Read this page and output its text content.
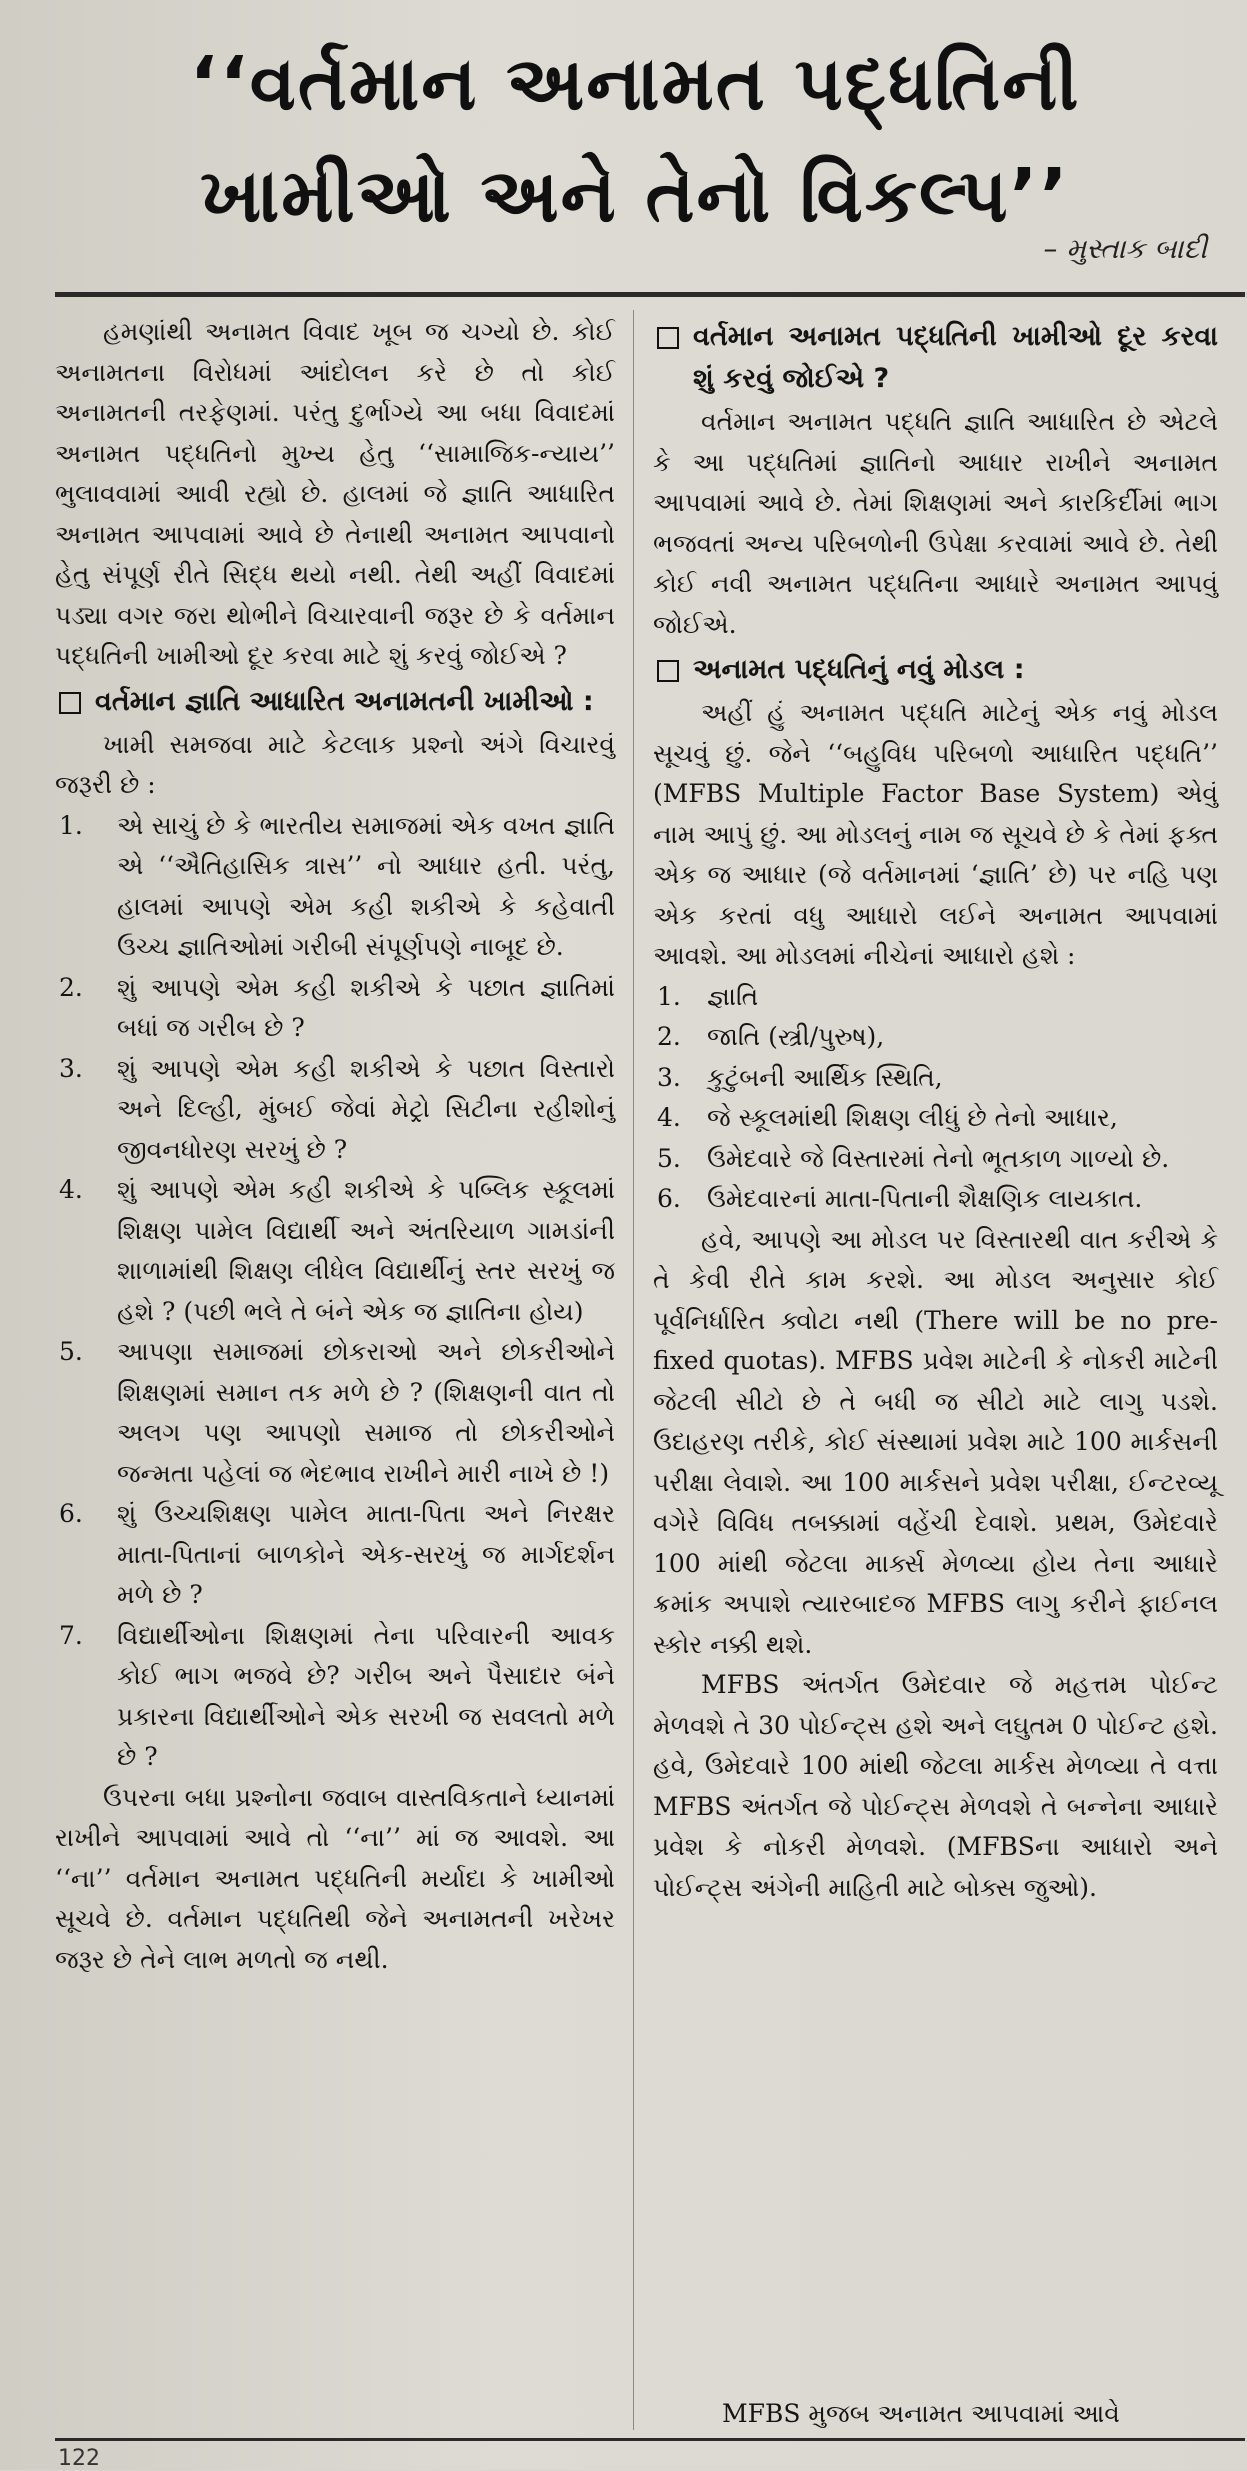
‘‘વર્તમાન અનામત પદ્ધતિની
ખામીઓ અને તેનો વિકલ્પ’’
– મુસ્તાક બાદી

હમણાંથી અનામત વિવાદ ખૂબ જ ચગ્યો છે. કોઈ અનામતના વિરોધમાં આંદોલન કરે છે તો કોઈ અનામતની તરફેણમાં. પરંતુ દુર્ભાગ્યે આ બધા વિવાદમાં અનામત પદ્ધતિનો મુખ્ય હેતુ ‘‘સામાજિક-ન્યાય’’ ભુલાવવામાં આવી રહ્યો છે. હાલમાં જે જ્ઞાતિ આધારિત અનામત આપવામાં આવે છે તેનાથી અનામત આપવાનો હેતુ સંપૂર્ણ રીતે સિદ્ધ થયો નથી. તેથી અહીં વિવાદમાં પડ્યા વગર જરા થોભીને વિચારવાની જરૂર છે કે વર્તમાન પદ્ધતિની ખામીઓ દૂર કરવા માટે શું કરવું જોઈએ ?

વર્તમાન જ્ઞાતિ આધારિત અનામતની ખામીઓ :

ખામી સમજવા માટે કેટલાક પ્રશ્નો અંગે વિચારવું જરૂરી છે :

1.	એ સાચું છે કે ભારતીય સમાજમાં એક વખત જ્ઞાતિ એ ‘‘ઐતિહાસિક ત્રાસ’’ નો આધાર હતી. પરંતુ, હાલમાં આપણે એમ કહી શકીએ કે કહેવાતી ઉચ્ચ જ્ઞાતિઓમાં ગરીબી સંપૂર્ણપણે નાબૂદ છે.
2.	શું આપણે એમ કહી શકીએ કે પછાત જ્ઞાતિમાં બધાં જ ગરીબ છે ?
3.	શું આપણે એમ કહી શકીએ કે પછાત વિસ્તારો અને દિલ્હી, મુંબઈ જેવાં મેટ્રો સિટીના રહીશોનું જીવનધોરણ સરખું છે ?
4.	શું આપણે એમ કહી શકીએ કે પબ્લિક સ્કૂલમાં શિક્ષણ પામેલ વિદ્યાર્થી અને અંતરિયાળ ગામડાંની શાળામાંથી શિક્ષણ લીધેલ વિદ્યાર્થીનું સ્તર સરખું જ હશે ? (પછી ભલે તે બંને એક જ જ્ઞાતિના હોય)
5.	આપણા સમાજમાં છોકરાઓ અને છોકરીઓને શિક્ષણમાં સમાન તક મળે છે ? (શિક્ષણની વાત તો અલગ પણ આપણો સમાજ તો છોકરીઓને જન્મતા પહેલાં જ ભેદભાવ રાખીને મારી નાખે છે !)
6.	શું ઉચ્ચશિક્ષણ પામેલ માતા-પિતા અને નિરક્ષર માતા-પિતાનાં બાળકોને એક-સરખું જ માર્ગદર્શન મળે છે ?
7.	વિદ્યાર્થીઓના શિક્ષણમાં તેના પરિવારની આવક કોઈ ભાગ ભજવે છે? ગરીબ અને પૈસાદાર બંને પ્રકારના વિદ્યાર્થીઓને એક સરખી જ સવલતો મળે છે ?

ઉપરના બધા પ્રશ્નોના જવાબ વાસ્તવિકતાને ધ્યાનમાં રાખીને આપવામાં આવે તો ‘‘ના’’ માં જ આવશે. આ ‘‘ના’’ વર્તમાન અનામત પદ્ધતિની મર્યાદા કે ખામીઓ સૂચવે છે. વર્તમાન પદ્ધતિથી જેને અનામતની ખરેખર જરૂર છે તેને લાભ મળતો જ નથી.

વર્તમાન અનામત પદ્ધતિની ખામીઓ દૂર કરવા શું કરવું જોઈએ ?

વર્તમાન અનામત પદ્ધતિ જ્ઞાતિ આધારિત છે એટલે કે આ પદ્ધતિમાં જ્ઞાતિનો આધાર રાખીને અનામત આપવામાં આવે છે. તેમાં શિક્ષણમાં અને કારકિર્દીમાં ભાગ ભજવતાં અન્ય પરિબળોની ઉપેક્ષા કરવામાં આવે છે. તેથી કોઈ નવી અનામત પદ્ધતિના આધારે અનામત આપવું જોઈએ.

અનામત પદ્ધતિનું નવું મોડલ :

અહીં હું અનામત પદ્ધતિ માટેનું એક નવું મોડલ સૂચવું છું. જેને ‘‘બહુવિધ પરિબળો આધારિત પદ્ધતિ’’ (MFBS Multiple Factor Base System) એવું નામ આપું છું. આ મોડલનું નામ જ સૂચવે છે કે તેમાં ફક્ત એક જ આધાર (જે વર્તમાનમાં ‘જ્ઞાતિ’ છે) પર નહિ પણ એક કરતાં વધુ આધારો લઈને અનામત આપવામાં આવશે. આ મોડલમાં નીચેનાં આધારો હશે :

1.	જ્ઞાતિ
2.	જાતિ (સ્ત્રી/પુરુષ),
3.	કુટુંબની આર્થિક સ્થિતિ,
4.	જે સ્કૂલમાંથી શિક્ષણ લીધું છે તેનો આધાર,
5.	ઉમેદવારે જે વિસ્તારમાં તેનો ભૂતકાળ ગાળ્યો છે.
6.	ઉમેદવારનાં માતા-પિતાની શૈક્ષણિક લાયકાત.

હવે, આપણે આ મોડલ પર વિસ્તારથી વાત કરીએ કે તે કેવી રીતે કામ કરશે. આ મોડલ અનુસાર કોઈ પૂર્વનિર્ધારિત ક્વોટા નથી (There will be no pre-fixed quotas). MFBS પ્રવેશ માટેની કે નોકરી માટેની જેટલી સીટો છે તે બધી જ સીટો માટે લાગુ પડશે. ઉદાહરણ તરીકે, કોઈ સંસ્થામાં પ્રવેશ માટે 100 માર્કસની પરીક્ષા લેવાશે. આ 100 માર્કસને પ્રવેશ પરીક્ષા, ઈન્ટરવ્યૂ વગેરે વિવિધ તબક્કામાં વહેંચી દેવાશે. પ્રથમ, ઉમેદવારે 100 માંથી જેટલા માર્ક્સ મેળવ્યા હોય તેના આધારે ક્રમાંક અપાશે ત્યારબાદજ MFBS લાગુ કરીને ફાઈનલ સ્કોર નક્કી થશે.

MFBS અંતર્ગત ઉમેદવાર જે મહત્તમ પોઈન્ટ મેળવશે તે 30 પોઈન્ટ્સ હશે અને લઘુતમ 0 પોઈન્ટ હશે. હવે, ઉમેદવારે 100 માંથી જેટલા માર્કસ મેળવ્યા તે વત્તા MFBS અંતર્ગત જે પોઈન્ટ્સ મેળવશે તે બન્નેના આધારે પ્રવેશ કે નોકરી મેળવશે. (MFBSના આધારો અને પોઈન્ટ્સ અંગેની માહિતી માટે બોક્સ જુઓ).

MFBS મુજબ અનામત આપવામાં આવે
122
